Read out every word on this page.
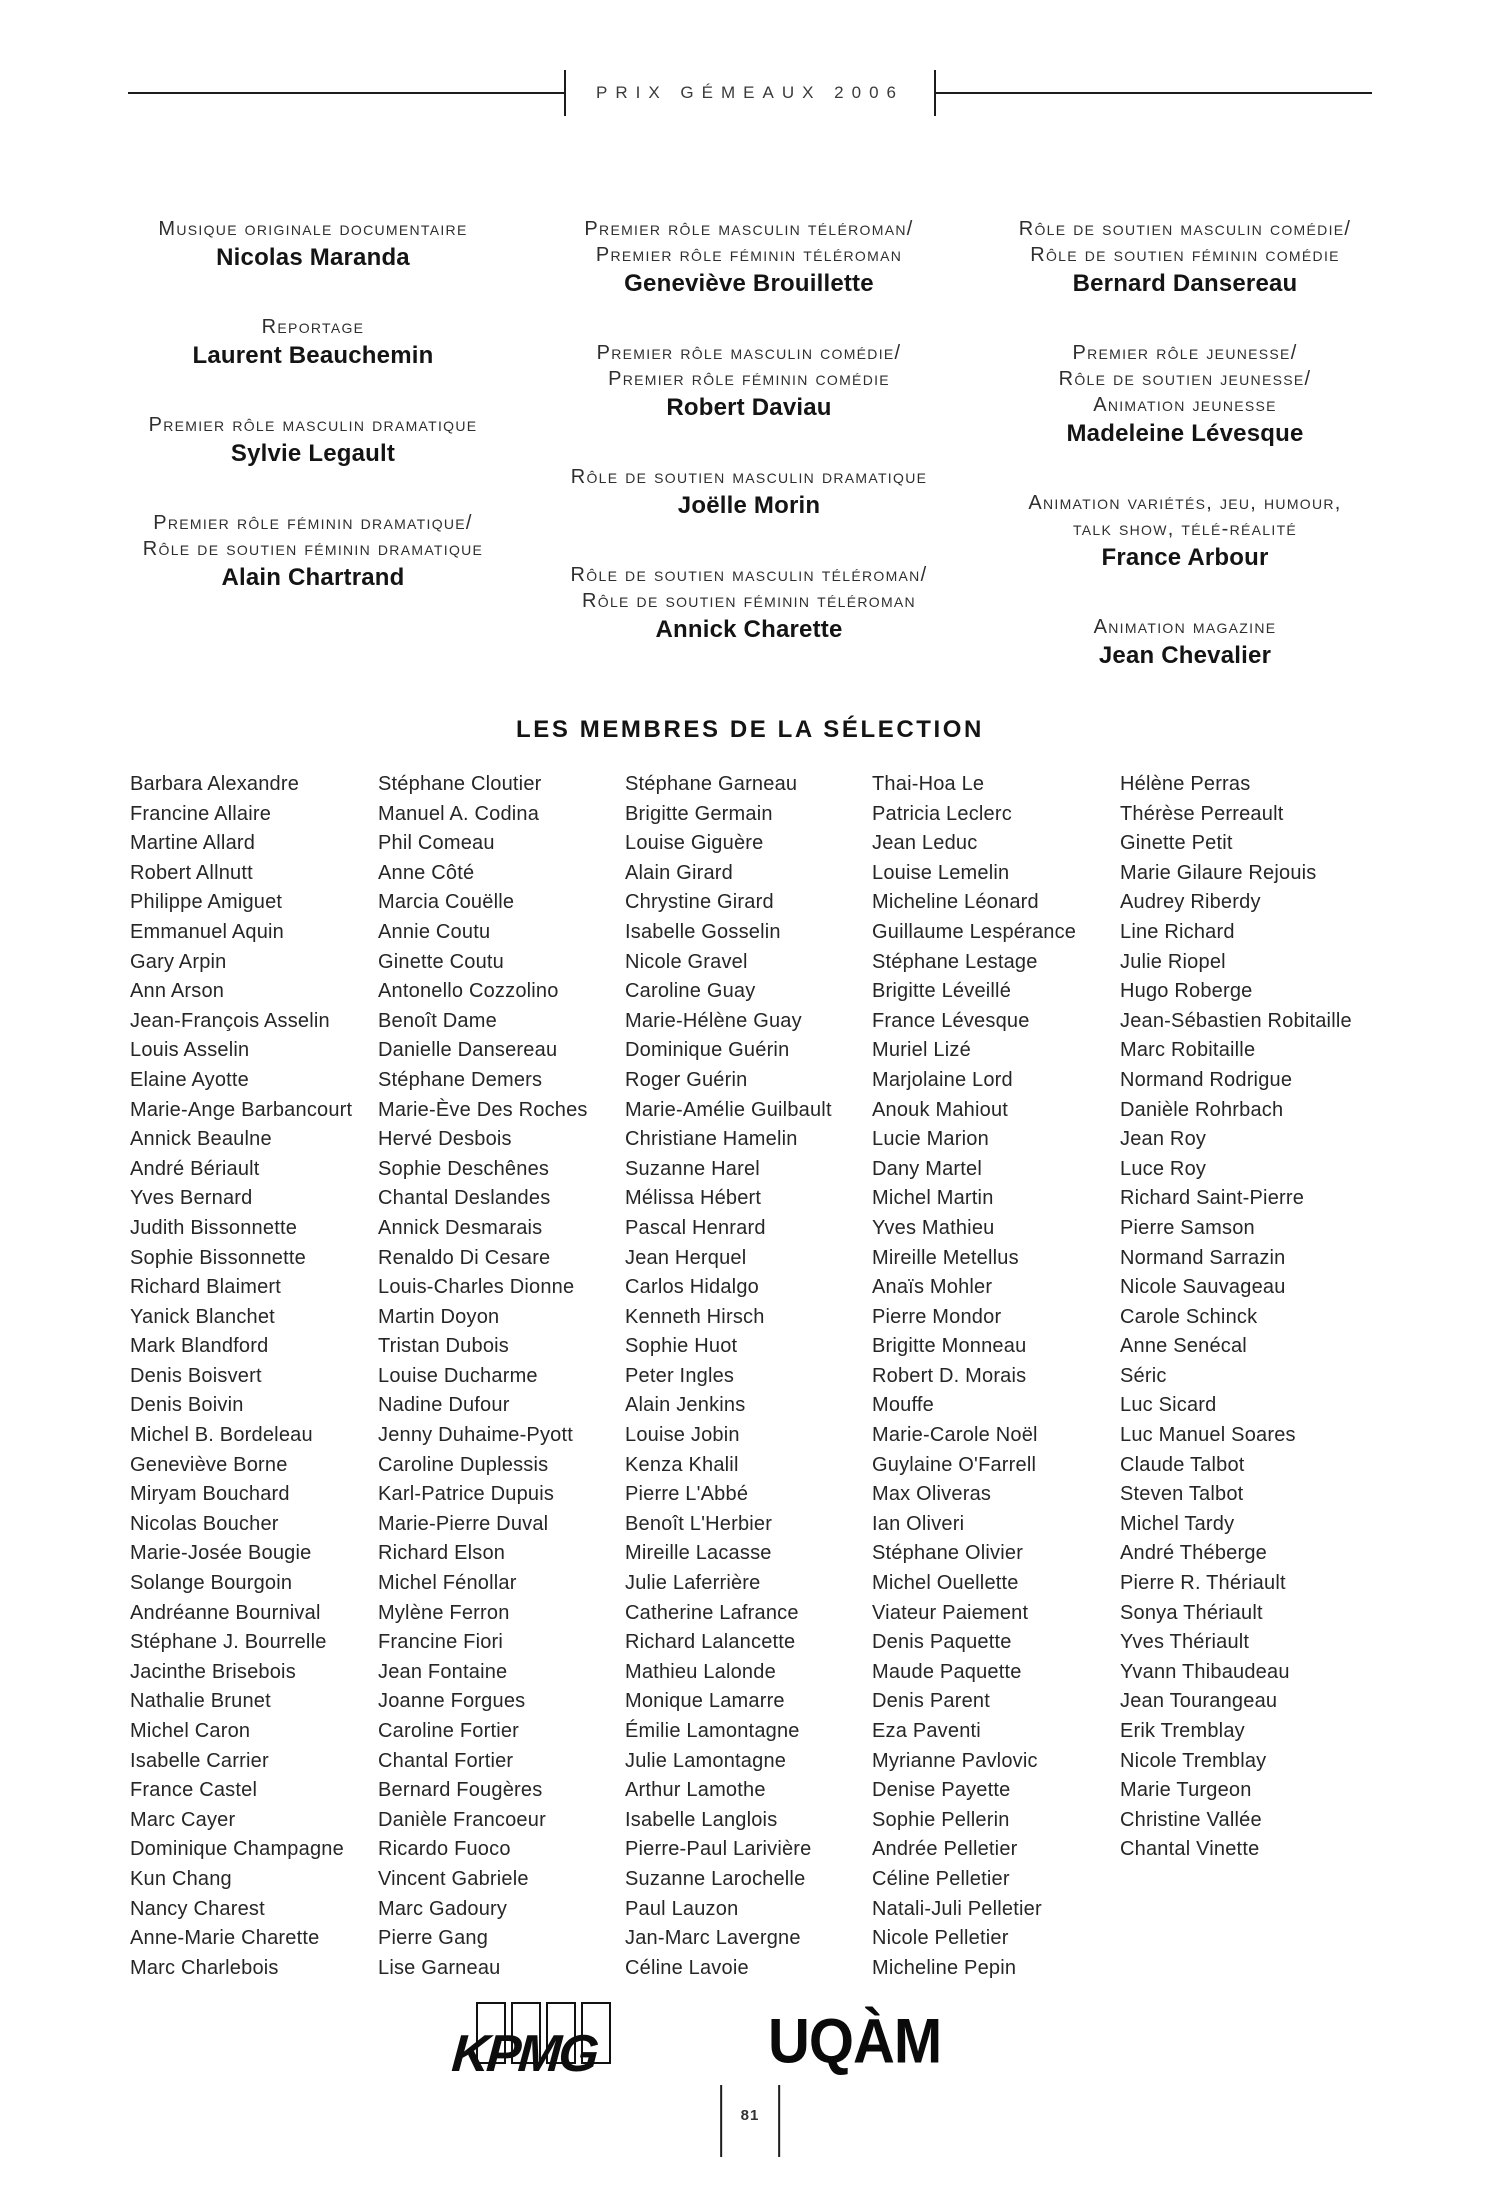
PRIX GÉMEAUX 2006
Musique originale documentaire
Nicolas Maranda
Reportage
Laurent Beauchemin
Premier rôle masculin dramatique
Sylvie Legault
Premier rôle féminin dramatique/
Rôle de soutien féminin dramatique
Alain Chartrand
Premier rôle masculin téléroman/
Premier rôle féminin téléroman
Geneviève Brouillette
Premier rôle masculin comédie/
Premier rôle féminin comédie
Robert Daviau
Rôle de soutien masculin dramatique
Joëlle Morin
Rôle de soutien masculin téléroman/
Rôle de soutien féminin téléroman
Annick Charette
Rôle de soutien masculin comédie/
Rôle de soutien féminin comédie
Bernard Dansereau
Premier rôle jeunesse/
Rôle de soutien jeunesse/
Animation jeunesse
Madeleine Lévesque
Animation variétés, jeu, humour,
talk show, télé-réalité
France Arbour
Animation magazine
Jean Chevalier
LES MEMBRES DE LA SÉLECTION
Barbara Alexandre
Francine Allaire
Martine Allard
Robert Allnutt
Philippe Amiguet
Emmanuel Aquin
Gary Arpin
Ann Arson
Jean-François Asselin
Louis Asselin
Elaine Ayotte
Marie-Ange Barbancourt
Annick Beaulne
André Bériault
Yves Bernard
Judith Bissonnette
Sophie Bissonnette
Richard Blaimert
Yanick Blanchet
Mark Blandford
Denis Boisvert
Denis Boivin
Michel B. Bordeleau
Geneviève Borne
Miryam Bouchard
Nicolas Boucher
Marie-Josée Bougie
Solange Bourgoin
Andréanne Bournival
Stéphane J. Bourrelle
Jacinthe Brisebois
Nathalie Brunet
Michel Caron
Isabelle Carrier
France Castel
Marc Cayer
Dominique Champagne
Kun Chang
Nancy Charest
Anne-Marie Charette
Marc Charlebois
Stéphane Cloutier
Manuel A. Codina
Phil Comeau
Anne Côté
Marcia Couëlle
Annie Coutu
Ginette Coutu
Antonello Cozzolino
Benoît Dame
Danielle Dansereau
Stéphane Demers
Marie-Ève Des Roches
Hervé Desbois
Sophie Deschênes
Chantal Deslandes
Annick Desmarais
Renaldo Di Cesare
Louis-Charles Dionne
Martin Doyon
Tristan Dubois
Louise Ducharme
Nadine Dufour
Jenny Duhaime-Pyott
Caroline Duplessis
Karl-Patrice Dupuis
Marie-Pierre Duval
Richard Elson
Michel Fénollar
Mylène Ferron
Francine Fiori
Jean Fontaine
Joanne Forgues
Caroline Fortier
Chantal Fortier
Bernard Fougères
Danièle Francoeur
Ricardo Fuoco
Vincent Gabriele
Marc Gadoury
Pierre Gang
Lise Garneau
Stéphane Garneau
Brigitte Germain
Louise Giguère
Alain Girard
Chrystine Girard
Isabelle Gosselin
Nicole Gravel
Caroline Guay
Marie-Hélène Guay
Dominique Guérin
Roger Guérin
Marie-Amélie Guilbault
Christiane Hamelin
Suzanne Harel
Mélissa Hébert
Pascal Henrard
Jean Herquel
Carlos Hidalgo
Kenneth Hirsch
Sophie Huot
Peter Ingles
Alain Jenkins
Louise Jobin
Kenza Khalil
Pierre L'Abbé
Benoît L'Herbier
Mireille Lacasse
Julie Laferrière
Catherine Lafrance
Richard Lalancette
Mathieu Lalonde
Monique Lamarre
Émilie Lamontagne
Julie Lamontagne
Arthur Lamothe
Isabelle Langlois
Pierre-Paul Larivière
Suzanne Larochelle
Paul Lauzon
Jan-Marc Lavergne
Céline Lavoie
Thai-Hoa Le
Patricia Leclerc
Jean Leduc
Louise Lemelin
Micheline Léonard
Guillaume Lespérance
Stéphane Lestage
Brigitte Léveillé
France Lévesque
Muriel Lizé
Marjolaine Lord
Anouk Mahiout
Lucie Marion
Dany Martel
Michel Martin
Yves Mathieu
Mireille Metellus
Anaïs Mohler
Pierre Mondor
Brigitte Monneau
Robert D. Morais
Mouffe
Marie-Carole Noël
Guylaine O'Farrell
Max Oliveras
Ian Oliveri
Stéphane Olivier
Michel Ouellette
Viateur Paiement
Denis Paquette
Maude Paquette
Denis Parent
Eza Paventi
Myrianne Pavlovic
Denise Payette
Sophie Pellerin
Andrée Pelletier
Céline Pelletier
Natali-Juli Pelletier
Nicole Pelletier
Micheline Pepin
Hélène Perras
Thérèse Perreault
Ginette Petit
Marie Gilaure Rejouis
Audrey Riberdy
Line Richard
Julie Riopel
Hugo Roberge
Jean-Sébastien Robitaille
Marc Robitaille
Normand Rodrigue
Danièle Rohrbach
Jean Roy
Luce Roy
Richard Saint-Pierre
Pierre Samson
Normand Sarrazin
Nicole Sauvageau
Carole Schinck
Anne Senécal
Séric
Luc Sicard
Luc Manuel Soares
Claude Talbot
Steven Talbot
Michel Tardy
André Théberge
Pierre R. Thériault
Sonya Thériault
Yves Thériault
Yvann Thibaudeau
Jean Tourangeau
Erik Tremblay
Nicole Tremblay
Marie Turgeon
Christine Vallée
Chantal Vinette
KPMG	UQÀM
81
